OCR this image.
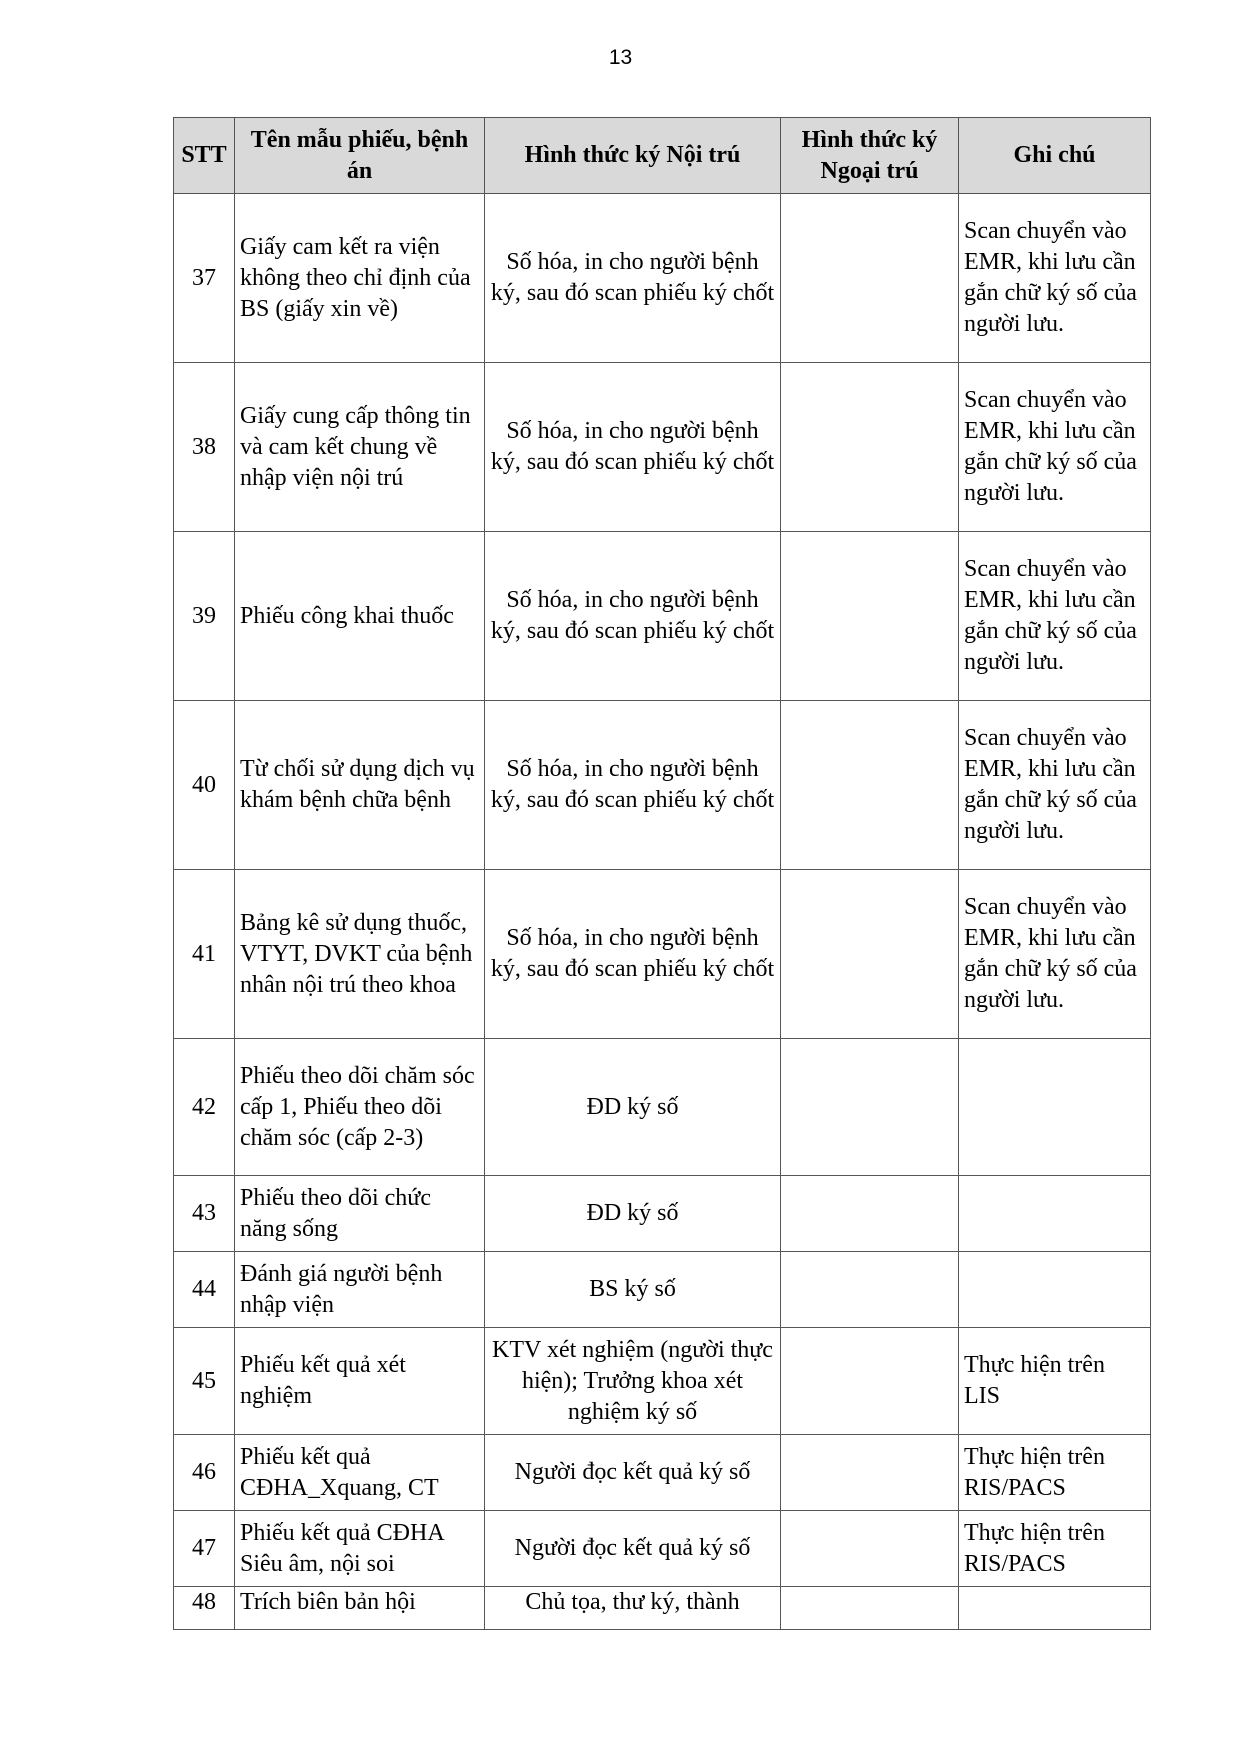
13
STT	Tên mẫu phiếu, bệnh án	Hình thức ký Nội trú	Hình thức ký Ngoại trú	Ghi chú
37	Giấy cam kết ra viện không theo chỉ định của BS (giấy xin về)	Số hóa, in cho người bệnh ký, sau đó scan phiếu ký chốt		Scan chuyển vào EMR, khi lưu cần gắn chữ ký số của người lưu.
38	Giấy cung cấp thông tin và cam kết chung về nhập viện nội trú	Số hóa, in cho người bệnh ký, sau đó scan phiếu ký chốt		Scan chuyển vào EMR, khi lưu cần gắn chữ ký số của người lưu.
39	Phiếu công khai thuốc	Số hóa, in cho người bệnh ký, sau đó scan phiếu ký chốt		Scan chuyển vào EMR, khi lưu cần gắn chữ ký số của người lưu.
40	Từ chối sử dụng dịch vụ khám bệnh chữa bệnh	Số hóa, in cho người bệnh ký, sau đó scan phiếu ký chốt		Scan chuyển vào EMR, khi lưu cần gắn chữ ký số của người lưu.
41	Bảng kê sử dụng thuốc, VTYT, DVKT của bệnh nhân nội trú theo khoa	Số hóa, in cho người bệnh ký, sau đó scan phiếu ký chốt		Scan chuyển vào EMR, khi lưu cần gắn chữ ký số của người lưu.
42	Phiếu theo dõi chăm sóc cấp 1, Phiếu theo dõi chăm sóc (cấp 2-3)	ĐD ký số		
43	Phiếu theo dõi chức năng sống	ĐD ký số		
44	Đánh giá người bệnh nhập viện	BS ký số		
45	Phiếu kết quả xét nghiệm	KTV xét nghiệm (người thực hiện); Trưởng khoa xét nghiệm ký số		Thực hiện trên LIS
46	Phiếu kết quả CĐHA_Xquang, CT	Người đọc kết quả ký số		Thực hiện trên RIS/PACS
47	Phiếu kết quả CĐHA Siêu âm, nội soi	Người đọc kết quả ký số		Thực hiện trên RIS/PACS
48	Trích biên bản hội	Chủ tọa, thư ký, thành		
